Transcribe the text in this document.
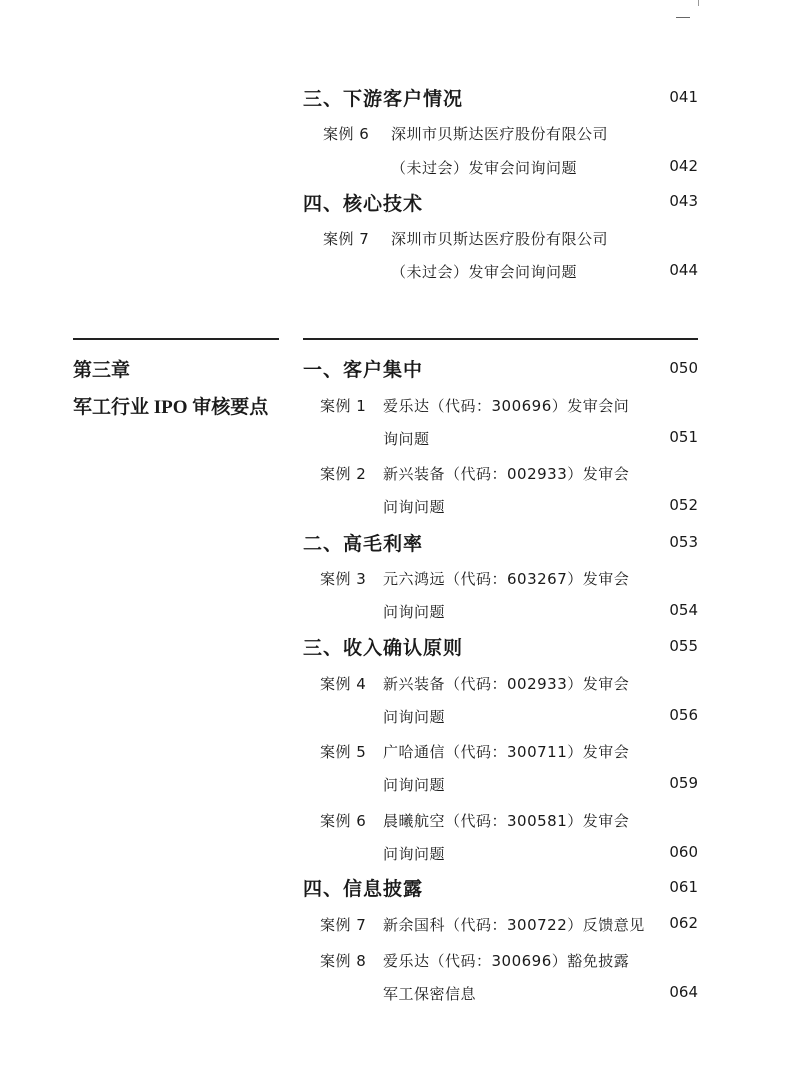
三、下游客户情况	041
案例 6 深圳市贝斯达医疗股份有限公司
（未过会）发审会问询问题	042
四、核心技术	043
案例 7 深圳市贝斯达医疗股份有限公司
（未过会）发审会问询问题	044
第三章
军工行业 IPO 审核要点
一、客户集中	050
案例 1 爱乐达（代码：300696）发审会问
询问题	051
案例 2 新兴装备（代码：002933）发审会
问询问题	052
二、高毛利率	053
案例 3 元六鸿远（代码：603267）发审会
问询问题	054
三、收入确认原则	055
案例 4 新兴装备（代码：002933）发审会
问询问题	056
案例 5 广哈通信（代码：300711）发审会
问询问题	059
案例 6 晨曦航空（代码：300581）发审会
问询问题	060
四、信息披露	061
案例 7 新余国科（代码：300722）反馈意见 062
案例 8 爱乐达（代码：300696）豁免披露
军工保密信息	064
